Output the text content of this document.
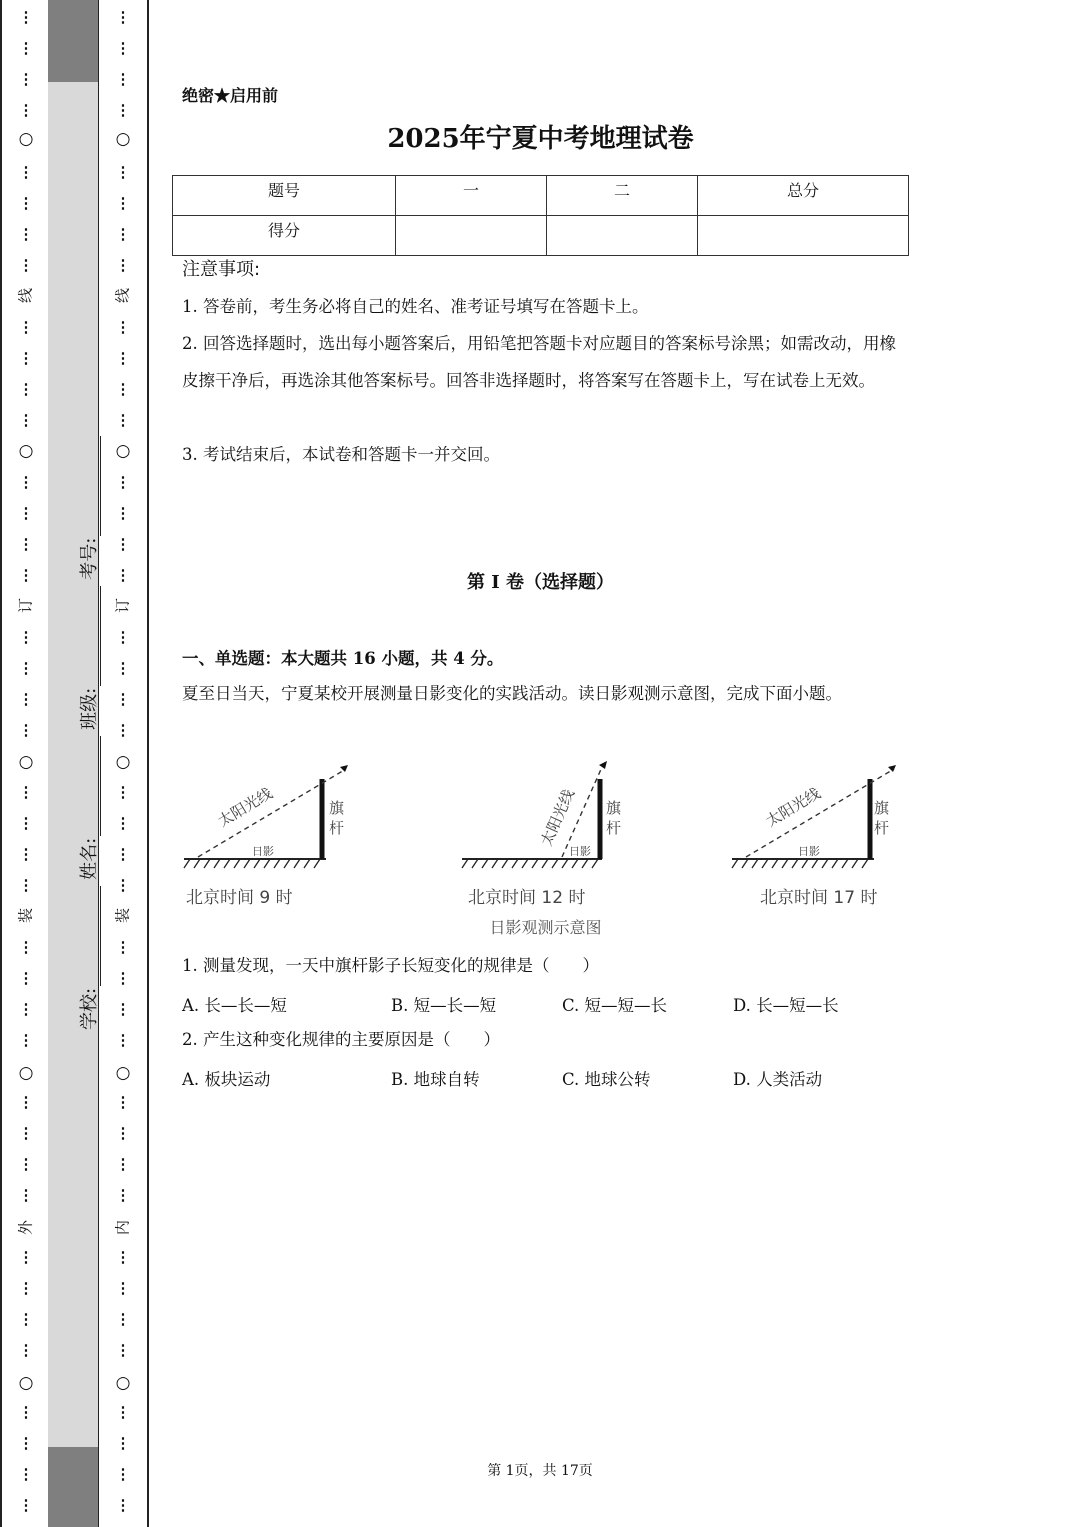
⋮
⋮
⋮
⋮
⋮
⋮
⋮
⋮
⋮
⋮
⋮
⋮
⋮
⋮
⋮
⋮
⋮
⋮
⋮
⋮
⋮
⋮
⋮
⋮
⋮
⋮
⋮
⋮
⋮
⋮
⋮
⋮
⋮
⋮
⋮
⋮
⋮
⋮
⋮
⋮
○
线
○
订
○
装
○
外
○
⋮
⋮
⋮
⋮
⋮
⋮
⋮
⋮
⋮
⋮
⋮
⋮
⋮
⋮
⋮
⋮
⋮
⋮
⋮
⋮
⋮
⋮
⋮
⋮
⋮
⋮
⋮
⋮
⋮
⋮
⋮
⋮
⋮
⋮
⋮
⋮
⋮
⋮
⋮
⋮
○
线
○
订
○
装
○
内
○
学校:
姓名:
班级:
考号:
绝密★启用前
2025年宁夏中考地理试卷
题号	一	二	总分
得分			
注意事项:
1. 答卷前，考生务必将自己的姓名、准考证号填写在答题卡上。
2. 回答选择题时，选出每小题答案后，用铅笔把答题卡对应题目的答案标号涂黑；如需改动，用橡皮擦干净后，再选涂其他答案标号。回答非选择题时，将答案写在答题卡上，写在试卷上无效。
3. 考试结束后，本试卷和答题卡一并交回。
第 I 卷（选择题）
一、单选题：本大题共 16 小题，共 4 分。
夏至日当天，宁夏某校开展测量日影变化的实践活动。读日影观测示意图，完成下面小题。
太阳光线	旗
杆
日影
北京时间 9 时
太阳光线 旗
杆
日影
北京时间 12 时
太阳光线	旗
杆
日影
北京时间 17 时
日影观测示意图
1. 测量发现，一天中旗杆影子长短变化的规律是（　　）
A. 长—长—短	B. 短—长—短	C. 短—短—长	D. 长—短—长
2. 产生这种变化规律的主要原因是（　　）
A. 板块运动	B. 地球自转	C. 地球公转	D. 人类活动
第 1页，共 17页
